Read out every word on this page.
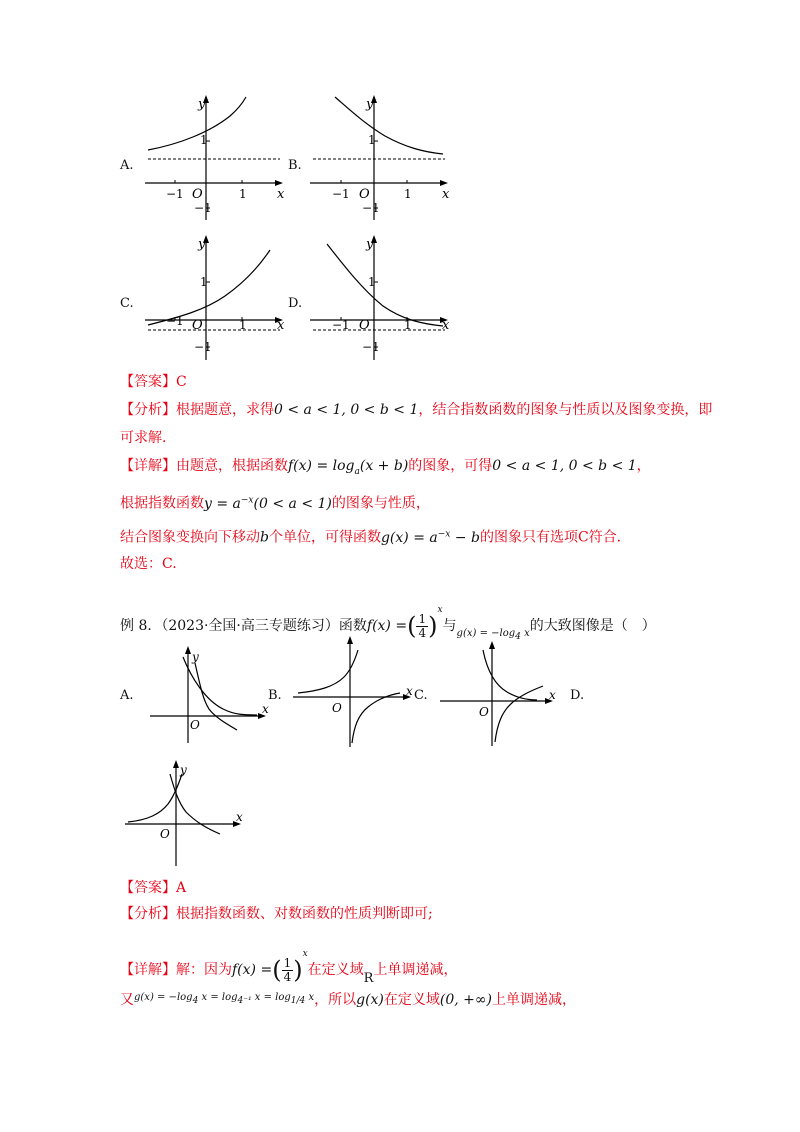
A.
1
−1
−1	1
O	x
y
B.
1
−1
−1	1
O	x
y
C.
1
−1
−1	1
O	x
y
D.
1
−1
−1	1
O	x
y
【答案】C
【分析】根据题意，求得0 < a < 1, 0 < b < 1，结合指数函数的图象与性质以及图象变换，即
可求解.
【详解】由题意，根据函数$f(x) = \log_a(x + b)$的图象，可得0 < a < 1, 0 < b < 1，
根据指数函数$y = a^{-x}(0 < a < 1)$的图象与性质，
结合图象变换向下移动b个单位，可得函数$g(x) = a^{-x} - b$的图象只有选项C符合.
故选：C.
例 8．（2023·全国·高三专题练习）函数f(x) =( $\frac{1}{4} )^x$与$_{g(x) = -log4 x}$的大致图像是（　）
A.
O
x
y
B.
O
x C.
O
x D.
O
x
y
【答案】A
【分析】根据指数函数、对数函数的性质判断即可;
【详解】解：因为f(x) =( $\frac{1}{4} )^x$在定义域R上单调递减，
又$^{g(x) = -log4 x = log4^{-1} x = log1/4 x}$，所以g(x)在定义域(0, +∞)上单调递减，
